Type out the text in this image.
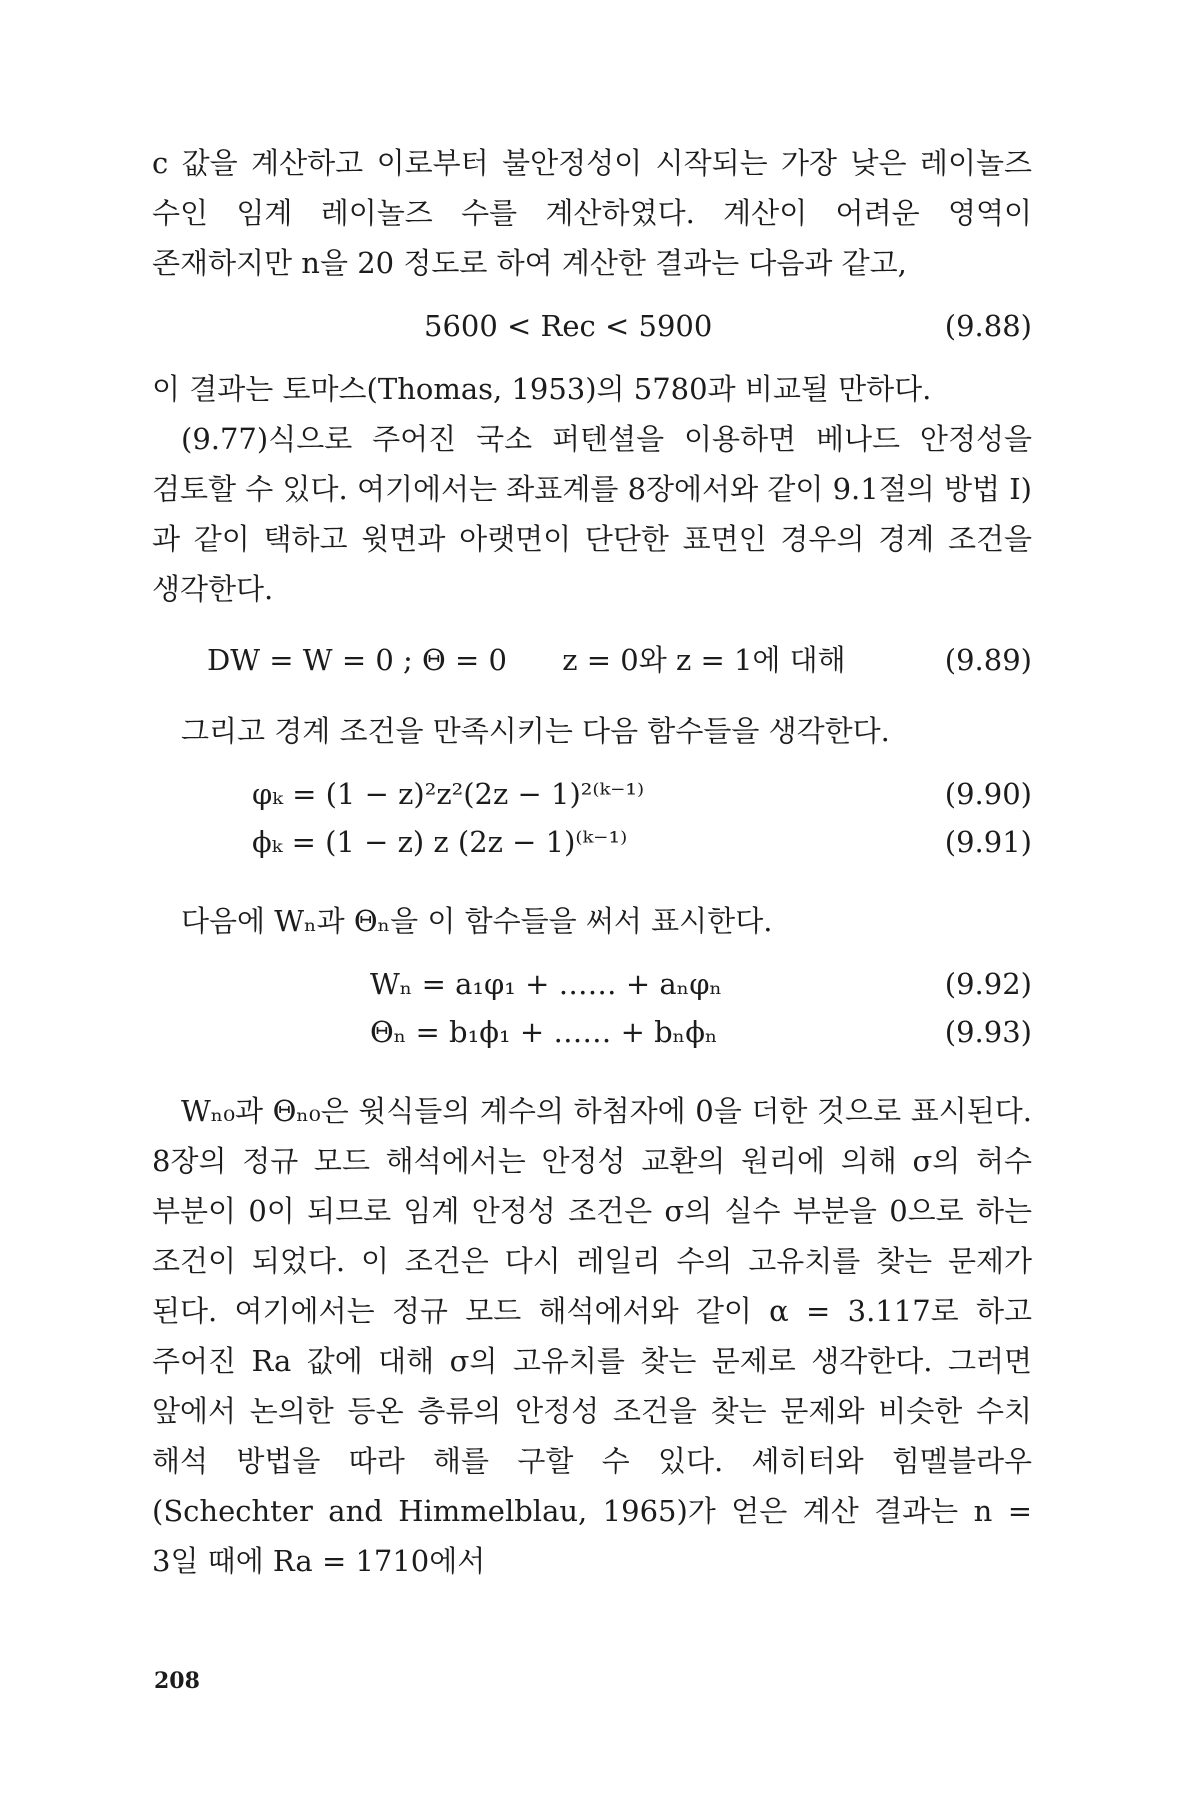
c 값을 계산하고 이로부터 불안정성이 시작되는 가장 낮은 레이놀즈 수인 임계 레이놀즈 수를 계산하였다. 계산이 어려운 영역이 존재하지만 n을 20 정도로 하여 계산한 결과는 다음과 같고,

5600 < Rec < 5900	(9.88)

이 결과는 토마스(Thomas, 1953)의 5780과 비교될 만하다.

(9.77)식으로 주어진 국소 퍼텐셜을 이용하면 베나드 안정성을 검토할 수 있다. 여기에서는 좌표계를 8장에서와 같이 9.1절의 방법 Ⅰ)과 같이 택하고 윗면과 아랫면이 단단한 표면인 경우의 경계 조건을 생각한다.

DW = W = 0 ; Θ = 0      z = 0와 z = 1에 대해	(9.89)

그리고 경계 조건을 만족시키는 다음 함수들을 생각한다.

φₖ = (1 − z)²z²(2z − 1)²⁽ᵏ⁻¹⁾	(9.90)
ϕₖ = (1 − z) z (2z − 1)⁽ᵏ⁻¹⁾	(9.91)

다음에 Wₙ과 Θₙ을 이 함수들을 써서 표시한다.

Wₙ = a₁φ₁ + …… + aₙφₙ	(9.92)
Θₙ = b₁ϕ₁ + …… + bₙϕₙ	(9.93)

Wₙ₀과 Θₙ₀은 윗식들의 계수의 하첨자에 0을 더한 것으로 표시된다. 8장의 정규 모드 해석에서는 안정성 교환의 원리에 의해 σ의 허수 부분이 0이 되므로 임계 안정성 조건은 σ의 실수 부분을 0으로 하는 조건이 되었다. 이 조건은 다시 레일리 수의 고유치를 찾는 문제가 된다. 여기에서는 정규 모드 해석에서와 같이 α = 3.117로 하고 주어진 Ra 값에 대해 σ의 고유치를 찾는 문제로 생각한다. 그러면 앞에서 논의한 등온 층류의 안정성 조건을 찾는 문제와 비슷한 수치 해석 방법을 따라 해를 구할 수 있다. 셰히터와 힘멜블라우(Schechter and Himmelblau, 1965)가 얻은 계산 결과는 n = 3일 때에 Ra = 1710에서

208
